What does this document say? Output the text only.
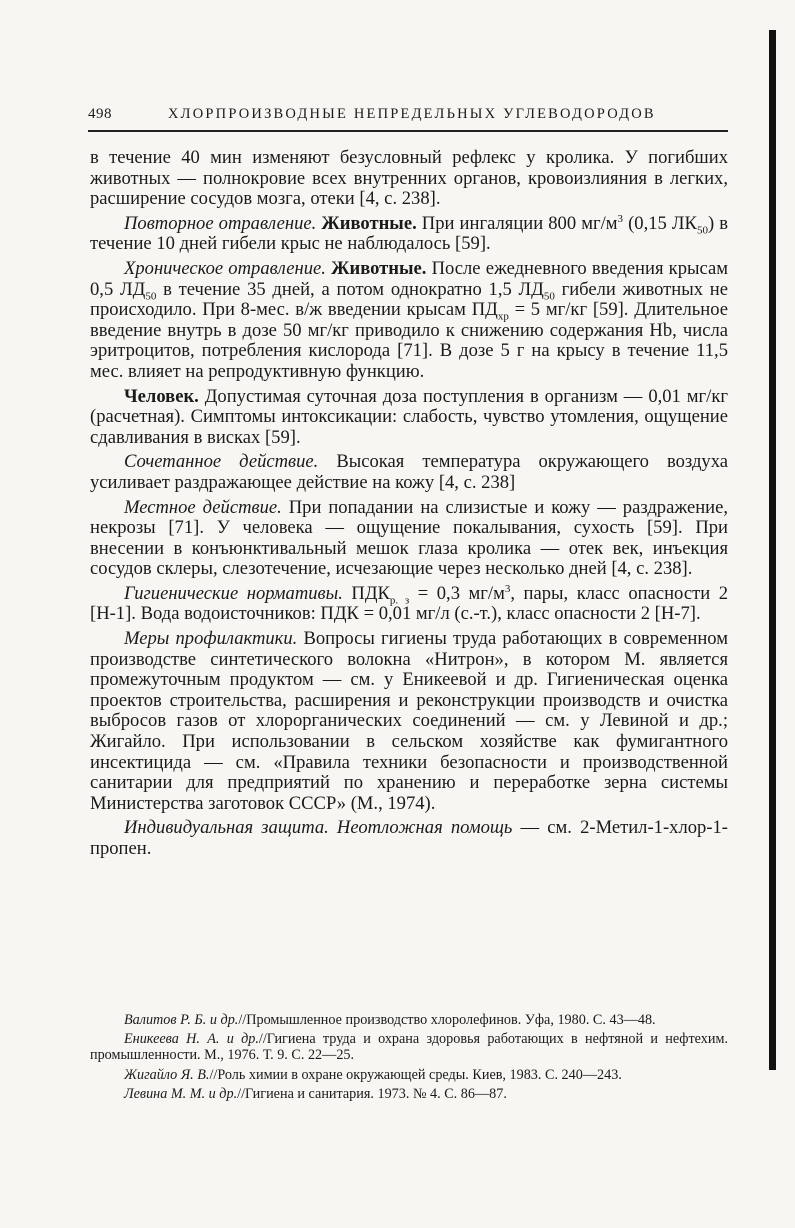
498	ХЛОРПРОИЗВОДНЫЕ НЕПРЕДЕЛЬНЫХ УГЛЕВОДОРОДОВ

в течение 40 мин изменяют безусловный рефлекс у кролика. У погибших животных — полнокровие всех внутренних органов, кровоизлияния в легких, расширение сосудов мозга, отеки [4, с. 238].

Повторное отравление. Животные. При ингаляции 800 $мг/м^3$ (0,15 $ЛК_{50}$) в течение 10 дней гибели крыс не наблюдалось [59].

Хроническое отравление. Животные. После ежедневного введения крысам 0,5 $ЛД_{50}$ в течение 35 дней, а потом однократно 1,5 $ЛД_{50}$ гибели животных не происходило. При 8-мес. в/ж введении крысам $ПД_{хр} = 5$ мг/кг [59]. Длительное введение внутрь в дозе 50 мг/кг приводило к снижению содержания Hb, числа эритроцитов, потребления кислорода [71]. В дозе 5 г на крысу в течение 11,5 мес. влияет на репродуктивную функцию.

Человек. Допустимая суточная доза поступления в организм — 0,01 мг/кг (расчетная). Симптомы интоксикации: слабость, чувство утомления, ощущение сдавливания в висках [59].

Сочетанное действие. Высокая температура окружающего воздуха усиливает раздражающее действие на кожу [4, с. 238]

Местное действие. При попадании на слизистые и кожу — раздражение, некрозы [71]. У человека — ощущение покалывания, сухость [59]. При внесении в конъюнктивальный мешок глаза кролика — отек век, инъекция сосудов склеры, слезотечение, исчезающие через несколько дней [4, с. 238].

Гигиенические нормативы. $ПДК_{р. з} = 0,3$ $мг/м^3$, пары, класс опасности 2 [Н-1]. Вода водоисточников: ПДК = 0,01 мг/л (с.-т.), класс опасности 2 [Н-7].

Меры профилактики. Вопросы гигиены труда работающих в современном производстве синтетического волокна «Нитрон», в котором М. является промежуточным продуктом — см. у Еникеевой и др. Гигиеническая оценка проектов строительства, расширения и реконструкции производств и очистка выбросов газов от хлорорганических соединений — см. у Левиной и др.; Жигайло. При использовании в сельском хозяйстве как фумигантного инсектицида — см. «Правила техники безопасности и производственной санитарии для предприятий по хранению и переработке зерна системы Министерства заготовок СССР» (М., 1974).

Индивидуальная защита. Неотложная помощь — см. 2-Метил-1-хлор-1-пропен.

Валитов Р. Б. и др.//Промышленное производство хлоролефинов. Уфа, 1980. С. 43—48.

Еникеева Н. А. и др.//Гигиена труда и охрана здоровья работающих в нефтяной и нефтехим. промышленности. М., 1976. Т. 9. С. 22—25.

Жигайло Я. В.//Роль химии в охране окружающей среды. Киев, 1983. С. 240—243.

Левина М. М. и др.//Гигиена и санитария. 1973. № 4. С. 86—87.
